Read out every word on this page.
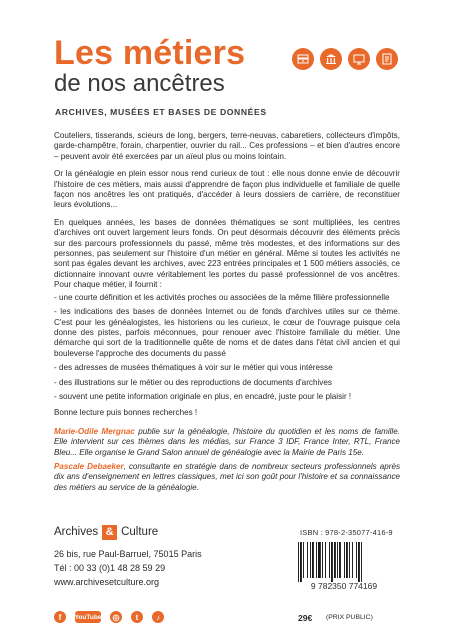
Les métiers
de nos ancêtres
ARCHIVES, MUSÉES ET BASES DE DONNÉES

Couteliers, tisserands, scieurs de long, bergers, terre-neuvas, cabaretiers, collecteurs d'impôts, garde-champêtre, forain, charpentier, ouvrier du rail... Ces professions – et bien d'autres encore – peuvent avoir été exercées par un aïeul plus ou moins lointain.

Or la généalogie en plein essor nous rend curieux de tout : elle nous donne envie de découvrir l'histoire de ces métiers, mais aussi d'apprendre de façon plus individuelle et familiale de quelle façon nos ancêtres les ont pratiqués, d'accéder à leurs dossiers de carrière, de reconstituer leurs évolutions...

En quelques années, les bases de données thématiques se sont multipliées, les centres d'archives ont ouvert largement leurs fonds. On peut désormais découvrir des éléments précis sur des parcours professionnels du passé, même très modestes, et des informations sur des personnes, pas seulement sur l'histoire d'un métier en général. Même si toutes les activités ne sont pas égales devant les archives, avec 223 entrées principales et 1 500 métiers associés, ce dictionnaire innovant ouvre véritablement les portes du passé professionnel de vos ancêtres. Pour chaque métier, il fournit :

- une courte définition et les activités proches ou associées de la même filière professionnelle
- les indications des bases de données Internet ou de fonds d'archives utiles sur ce thème. C'est pour les généalogistes, les historiens ou les curieux, le cœur de l'ouvrage puisque cela donne des pistes, parfois méconnues, pour renouer avec l'histoire familiale du métier. Une démarche qui sort de la traditionnelle quête de noms et de dates dans l'état civil ancien et qui bouleverse l'approche des documents du passé
- des adresses de musées thématiques à voir sur le métier qui vous intéresse
- des illustrations sur le métier ou des reproductions de documents d'archives
- souvent une petite information originale en plus, en encadré, juste pour le plaisir !

Bonne lecture puis bonnes recherches !

Marie-Odile Mergnac publie sur la généalogie, l'histoire du quotidien et les noms de famille. Elle intervient sur ces thèmes dans les médias, sur France 3 IDF, France Inter, RTL, France Bleu... Elle organise le Grand Salon annuel de généalogie avec la Mairie de Paris 15e.

Pascale Debaeker, consultante en stratégie dans de nombreux secteurs professionnels après dix ans d'enseignement en lettres classiques, met ici son goût pour l'histoire et sa connaissance des métiers au service de la généalogie.

Archives & Culture
26 bis, rue Paul-Barruel, 75015 Paris
Tél : 00 33 (0)1 48 28 59 29
www.archivesetculture.org
f	YouTube	◎	t	♪
ISBN : 978-2-35077-416-9
9 782350 774169
29€ (PRIX PUBLIC)
